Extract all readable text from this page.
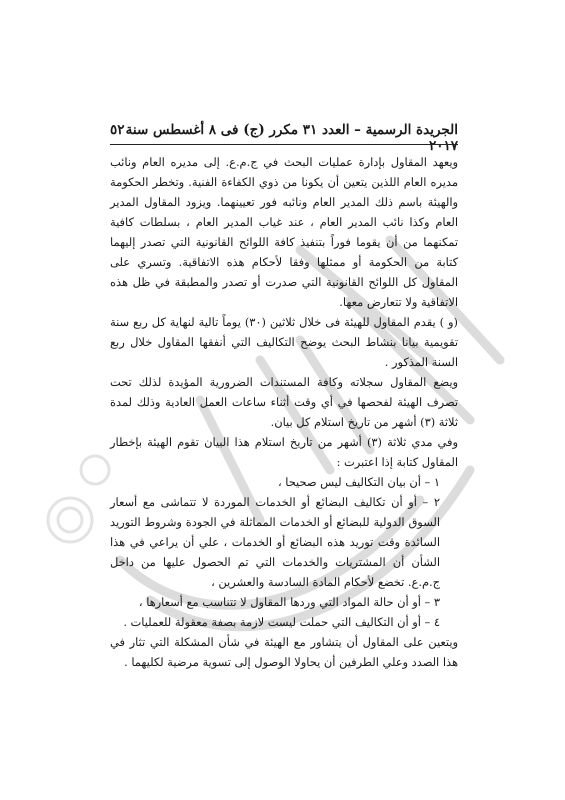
الجريدة الرسمية – العدد ٣١ مكرر (ج) فى ٨ أغسطس سنة ٢٠١٧
٥٢

ويعهد المقاول بإدارة عمليات البحث في ج.م.ع. إلى مديره العام ونائب مديره العام اللذين يتعين أن يكونا من ذوي الكفاءة الفنية. وتخطر الحكومة والهيئة باسم ذلك المدير العام ونائبه فور تعيينهما. ويزود المقاول المدير العام وكذا نائب المدير العام ، عند غياب المدير العام ، بسلطات كافية تمكنهما من أن يقوما فوراً بتنفيذ كافة اللوائح القانونية التي تصدر إليهما كتابة من الحكومة أو ممثلها وفقا لأحكام هذه الاتفاقية. وتسري على المقاول كل اللوائح القانونية التي صدرت أو تصدر والمطبقة في ظل هذه الاتفاقية ولا تتعارض معها.

(و ) يقدم المقاول للهيئة فى خلال ثلاثين (٣٠) يوماً تالية لنهاية كل ربع سنة تقويمية بيانا بنشاط البحث يوضح التكاليف التي أنفقها المقاول خلال ربع السنة المذكور .

ويضع المقاول سجلاته وكافة المستندات الضرورية المؤيدة لذلك تحت تصرف الهيئة لفحصها في أي وقت أثناء ساعات العمل العادية وذلك لمدة ثلاثة (٣) أشهر من تاريخ استلام كل بيان.

وفي مدي ثلاثة (٣) أشهر من تاريخ استلام هذا البيان تقوم الهيئة بإخطار المقاول كتابة إذا اعتبرت :

١ – أن بيان التكاليف ليس صحيحا ،

٢ – أو أن تكاليف البضائع أو الخدمات الموردة لا تتماشى مع أسعار السوق الدولية للبضائع أو الخدمات المماثلة في الجودة وشروط التوريد السائدة وقت توريد هذه البضائع أو الخدمات ، علي أن يراعي في هذا الشأن أن المشتريات والخدمات التي تم الحصول عليها من داخل ج.م.ع. تخضع لأحكام المادة السادسة والعشرين ،

٣ – أو أن حالة المواد التي وردها المقاول لا تتناسب مع أسعارها ،

٤ – أو أن التكاليف التي حملت ليست لازمة بصفة معقولة للعمليات .

ويتعين على المقاول أن يتشاور مع الهيئة في شأن المشكلة التي تثار في هذا الصدد وعلي الطرفين أن يحاولا الوصول إلى تسوية مرضية لكليهما .
